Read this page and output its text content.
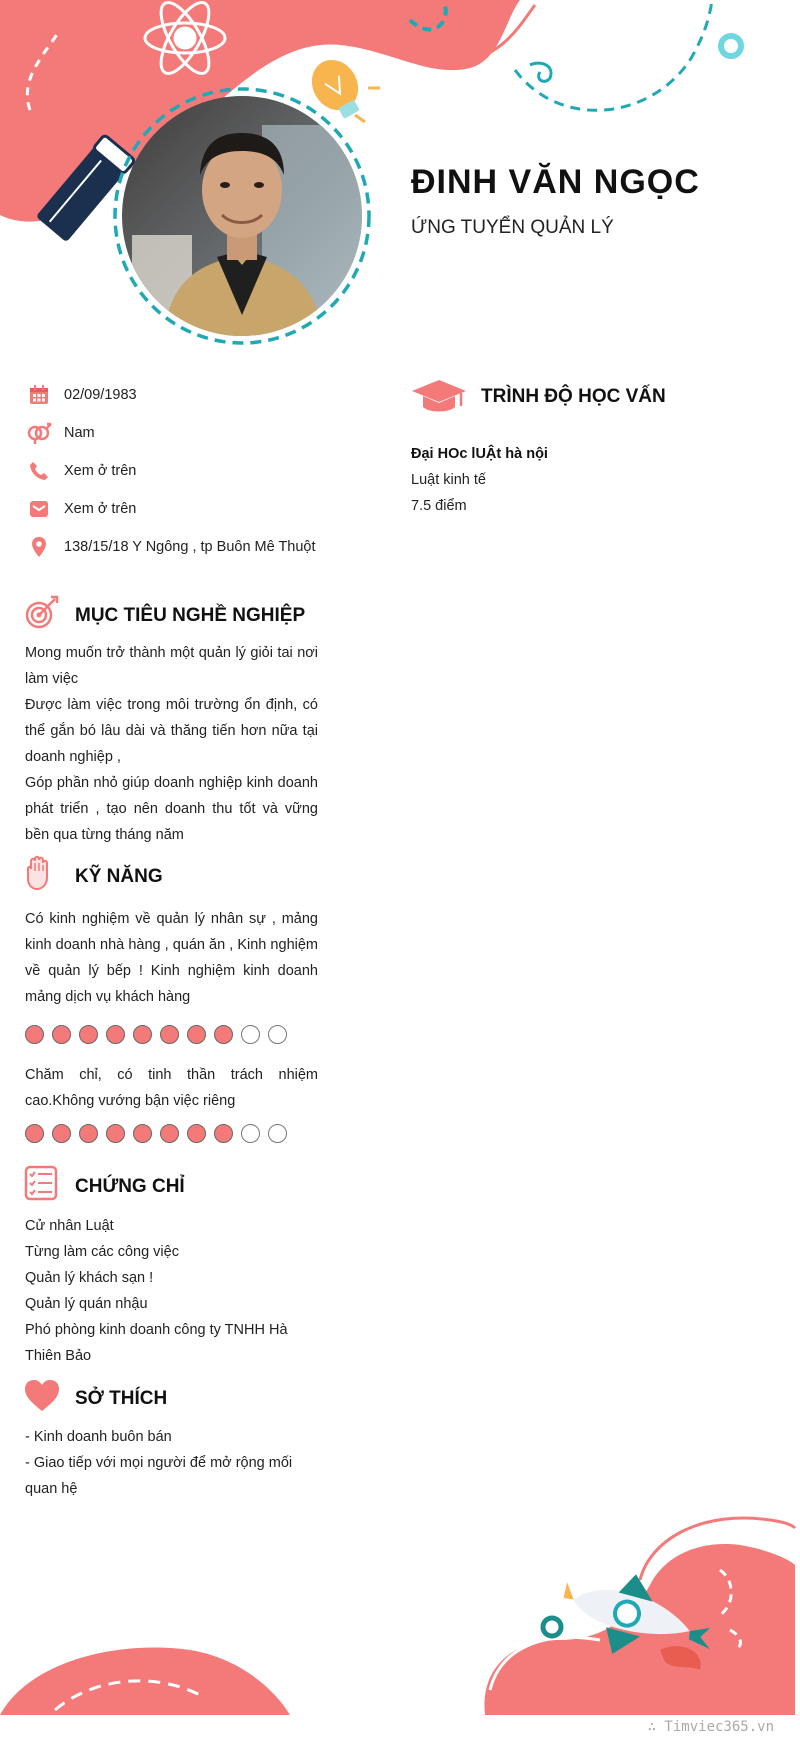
ĐINH VĂN NGỌC
ỨNG TUYỂN QUẢN LÝ
02/09/1983
Nam
Xem ở trên
Xem ở trên
138/15/18 Y Ngông , tp Buôn Mê Thuột
TRÌNH ĐỘ HỌC VẤN
Đại HOc lUẬt hà nội
Luật kinh tế
7.5 điểm
MỤC TIÊU NGHỀ NGHIỆP
Mong muốn trở thành một quản lý giỏi tai nơi làm việc
Được làm việc trong môi trường ổn định, có thể gắn bó lâu dài và thăng tiến hơn nữa tại doanh nghiệp ,
Góp phần nhỏ giúp doanh nghiệp kinh doanh phát triển , tạo nên doanh thu tốt và vững bền qua từng tháng năm
KỸ NĂNG
Có kinh nghiệm về quản lý nhân sự , mảng kinh doanh nhà hàng , quán ăn , Kinh nghiệm về quản lý bếp ! Kinh nghiệm kinh doanh mảng dịch vụ khách hàng
Chăm chỉ, có tinh thần trách nhiệm cao.Không vướng bận việc riêng
CHỨNG CHỈ
Cử nhân Luật
Từng làm các công việc
Quản lý khách sạn !
Quản lý quán nhậu
Phó phòng kinh doanh công ty TNHH Hà Thiên Bảo
SỞ THÍCH
- Kinh doanh buôn bán
- Giao tiếp với mọi người để mở rộng mối quan hệ
∴ Timviec365.vn
